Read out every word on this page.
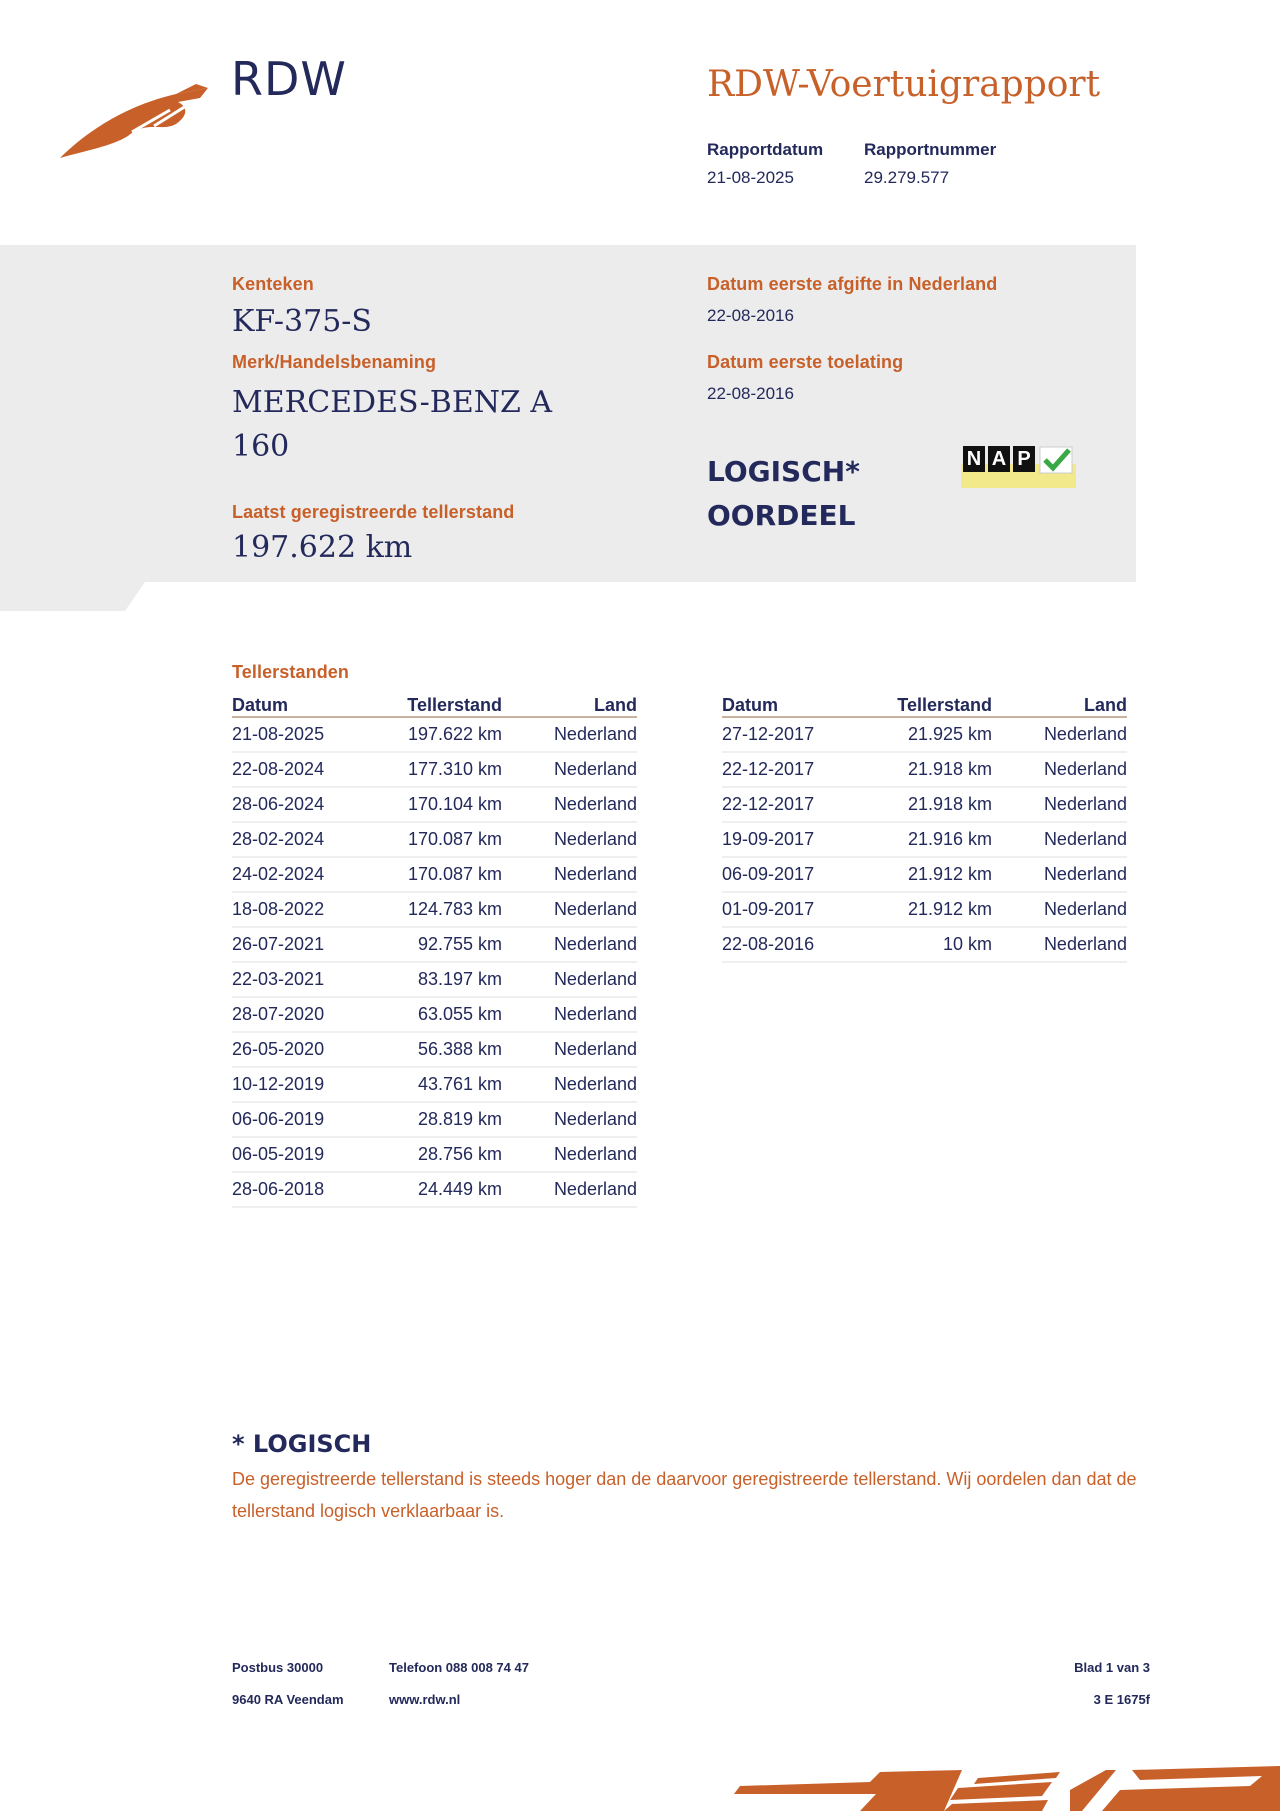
RDW	RDW-Voertuigrapport
Rapportdatum
21-08-2025
Rapportnummer
29.279.577
Kenteken
KF-375-S
Merk/Handelsbenaming
MERCEDES-BENZ A
160
Laatst geregistreerde tellerstand
197.622 km
Datum eerste afgifte in Nederland
22-08-2016
Datum eerste toelating
22-08-2016
LOGISCH*
OORDEEL
N A P
Tellerstanden
Datum	Tellerstand	Land
21-08-2025	197.622 km	Nederland
22-08-2024	177.310 km	Nederland
28-06-2024	170.104 km	Nederland
28-02-2024	170.087 km	Nederland
24-02-2024	170.087 km	Nederland
18-08-2022	124.783 km	Nederland
26-07-2021	92.755 km	Nederland
22-03-2021	83.197 km	Nederland
28-07-2020	63.055 km	Nederland
26-05-2020	56.388 km	Nederland
10-12-2019	43.761 km	Nederland
06-06-2019	28.819 km	Nederland
06-05-2019	28.756 km	Nederland
28-06-2018	24.449 km	Nederland
Datum	Tellerstand	Land
27-12-2017	21.925 km	Nederland
22-12-2017	21.918 km	Nederland
22-12-2017	21.918 km	Nederland
19-09-2017	21.916 km	Nederland
06-09-2017	21.912 km	Nederland
01-09-2017	21.912 km	Nederland
22-08-2016	10 km	Nederland
* LOGISCH
De geregistreerde tellerstand is steeds hoger dan de daarvoor geregistreerde tellerstand. Wij oordelen dan dat de tellerstand logisch verklaarbaar is.
Postbus 30000
9640 RA Veendam
Telefoon 088 008 74 47
www.rdw.nl
Blad 1 van 3
3 E 1675f
